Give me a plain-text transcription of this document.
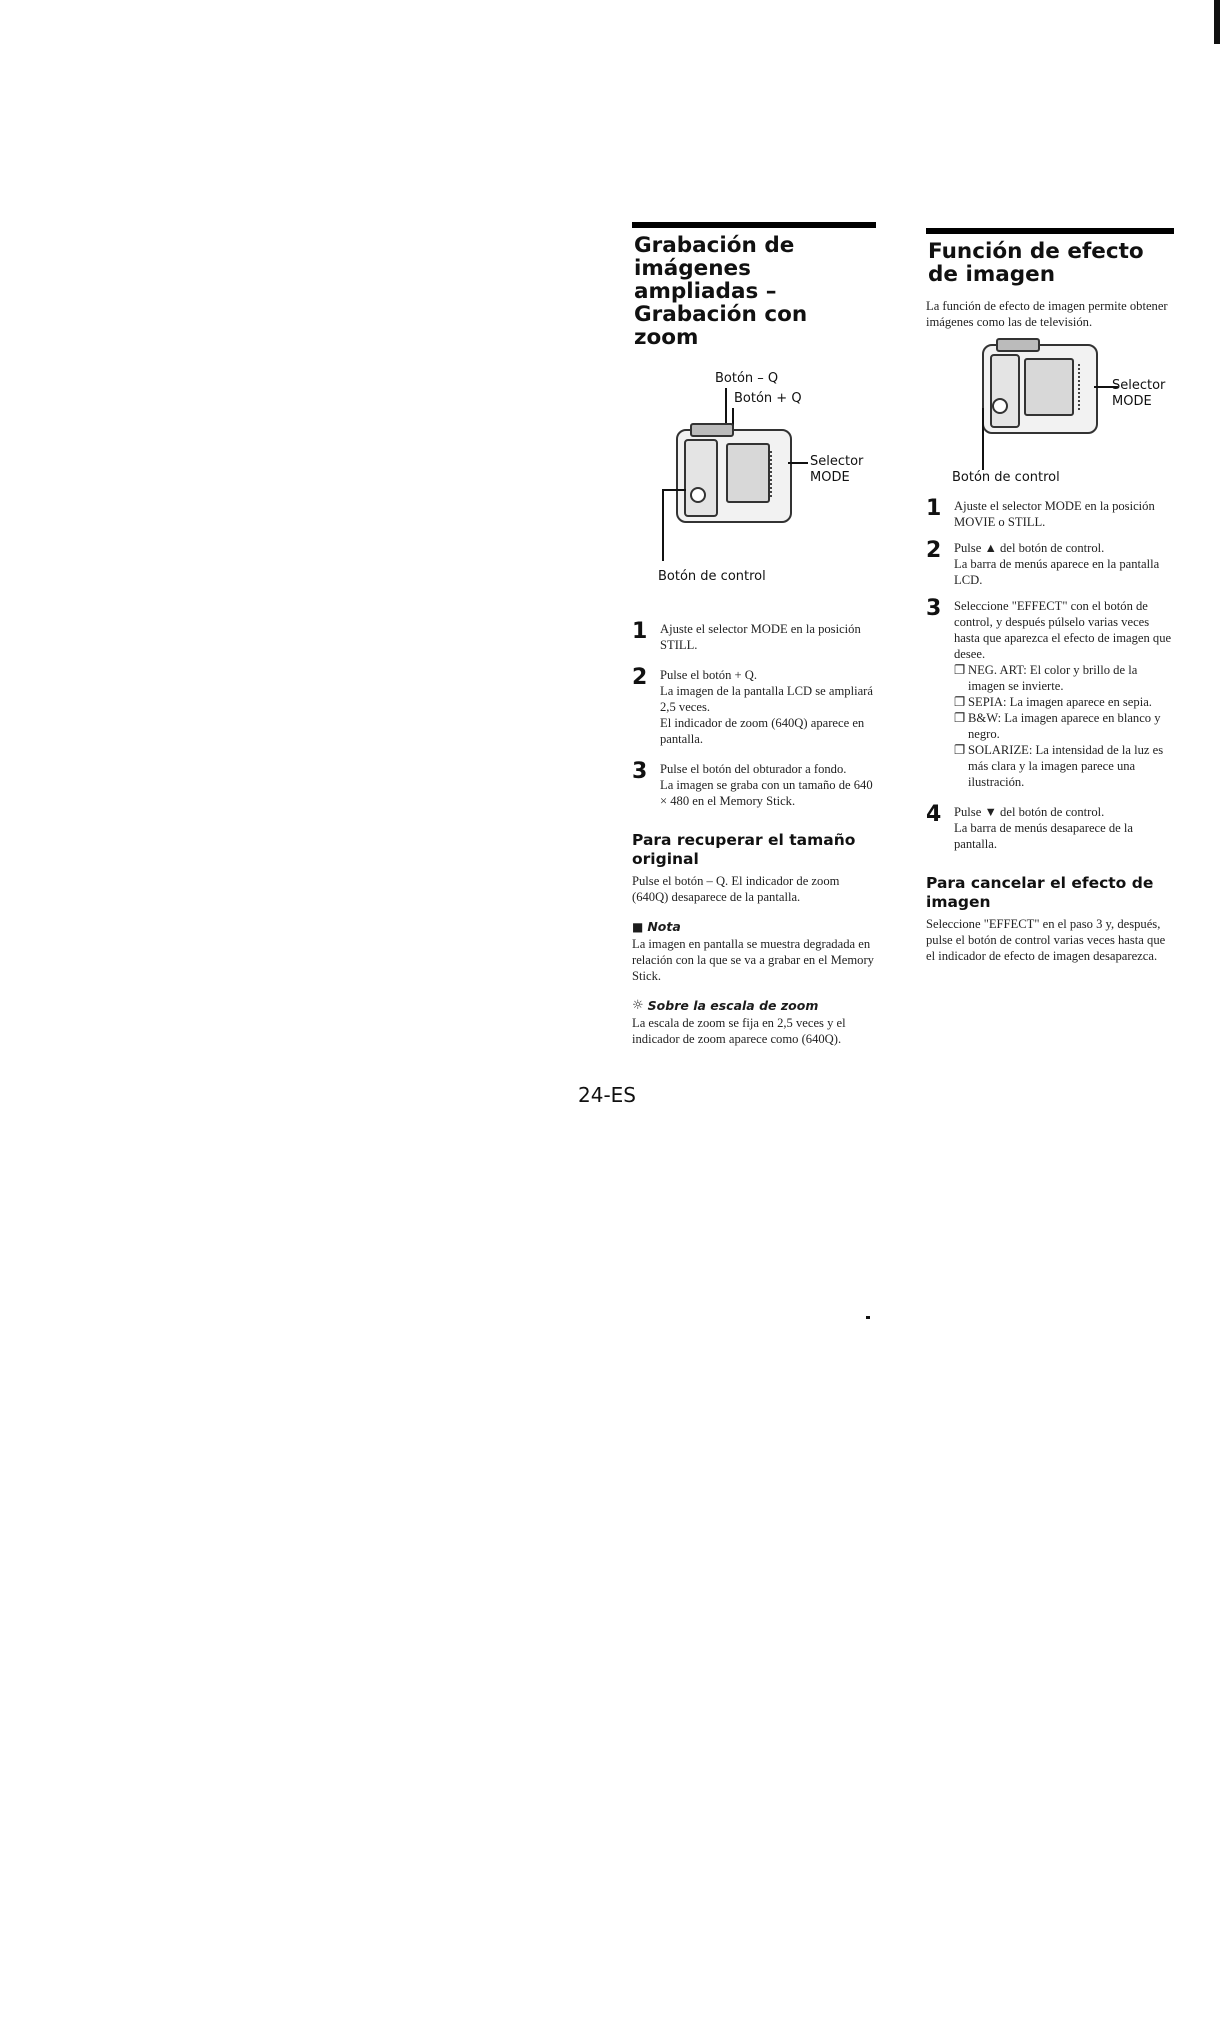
Grabación de imágenes ampliadas – Grabación con zoom
Botón – Q
Botón + Q
Selector
MODE
Botón de control
1	Ajuste el selector MODE en la posición STILL.

2	Pulse el botón + Q.

La imagen de la pantalla LCD se ampliará 2,5 veces.

El indicador de zoom (640Q) aparece en pantalla.

3	Pulse el botón del obturador a fondo.

La imagen se graba con un tamaño de 640 × 480 en el Memory Stick.

Para recuperar el tamaño original

Pulse el botón – Q. El indicador de zoom (640Q) desaparece de la pantalla.

■ Nota

La imagen en pantalla se muestra degradada en relación con la que se va a grabar en el Memory Stick.

☼ Sobre la escala de zoom

La escala de zoom se fija en 2,5 veces y el indicador de zoom aparece como (640Q).

Función de efecto de imagen

La función de efecto de imagen permite obtener imágenes como las de televisión.

Selector
MODE
Botón de control
1	Ajuste el selector MODE en la posición MOVIE o STILL.

2	Pulse ▲ del botón de control.

La barra de menús aparece en la pantalla LCD.

3	Seleccione "EFFECT" con el botón de control, y después púlselo varias veces hasta que aparezca el efecto de imagen que desee.

❐ NEG. ART: El color y brillo de la imagen se invierte.
❐ SEPIA: La imagen aparece en sepia.
❐ B&W: La imagen aparece en blanco y negro.
❐ SOLARIZE: La intensidad de la luz es más clara y la imagen parece una ilustración.
4	Pulse ▼ del botón de control.

La barra de menús desaparece de la pantalla.

Para cancelar el efecto de imagen

Seleccione "EFFECT" en el paso 3 y, después, pulse el botón de control varias veces hasta que el indicador de efecto de imagen desaparezca.

24-ES
